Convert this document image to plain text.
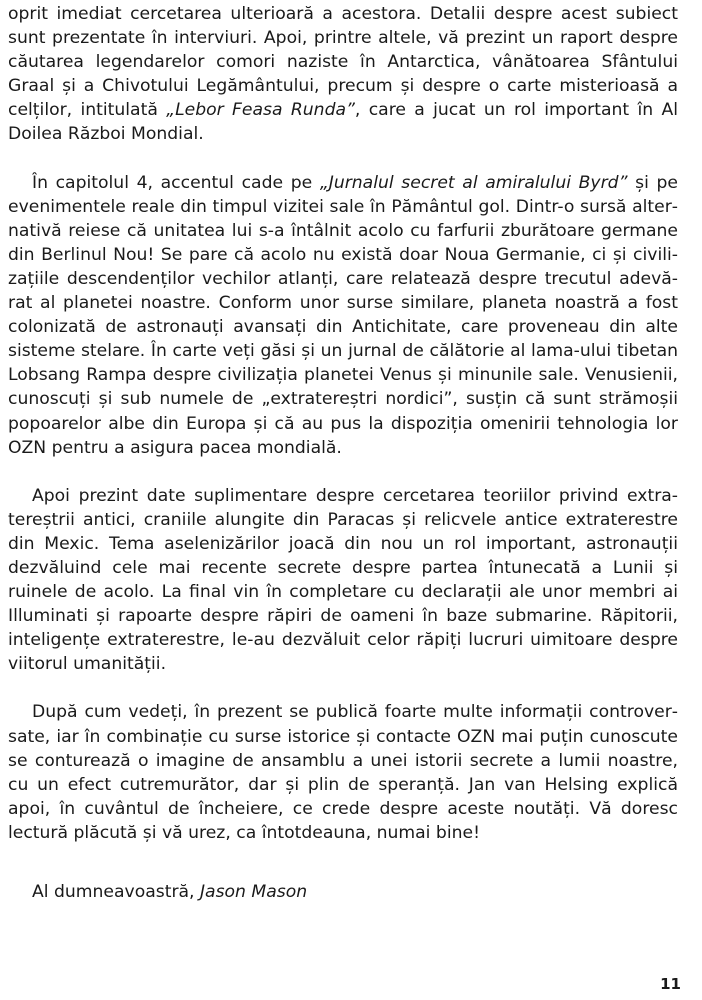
oprit imediat cercetarea ulterioară a acestora. Detalii despre acest subiect sunt prezentate în interviuri. Apoi, printre altele, vă prezint un raport despre căutarea legendarelor comori naziste în Antarctica, vânătoarea Sfântului Graal și a Chivotului Legământului, precum și despre o carte misterioasă a celților, intitulată „Lebor Feasa Runda”, care a jucat un rol important în Al Doilea Război Mondial.

În capitolul 4, accentul cade pe „Jurnalul secret al amiralului Byrd” și pe evenimentele reale din timpul vizitei sale în Pământul gol. Dintr-o sursă alternativă reiese că unitatea lui s-a întâlnit acolo cu farfurii zburătoare germane din Berlinul Nou! Se pare că acolo nu există doar Noua Germanie, ci și civilizațiile descendenților vechilor atlanți, care relatează despre trecutul adevărat al planetei noastre. Conform unor surse similare, planeta noastră a fost colonizată de astronauți avansați din Antichitate, care proveneau din alte sisteme stelare. În carte veți găsi și un jurnal de călătorie al lama-ului tibetan Lobsang Rampa despre civilizația planetei Venus și minunile sale. Venusienii, cunoscuți și sub numele de „extratereștri nordici”, susțin că sunt strămoșii popoarelor albe din Europa și că au pus la dispoziția omenirii tehnologia lor OZN pentru a asigura pacea mondială.

Apoi prezint date suplimentare despre cercetarea teoriilor privind extratereștrii antici, craniile alungite din Paracas și relicvele antice extraterestre din Mexic. Tema aselenizărilor joacă din nou un rol important, astronauții dezvăluind cele mai recente secrete despre partea întunecată a Lunii și ruinele de acolo. La final vin în completare cu declarații ale unor membri ai Illuminati și rapoarte despre răpiri de oameni în baze submarine. Răpitorii, inteligențe extraterestre, le-au dezvăluit celor răpiți lucruri uimitoare despre viitorul umanității.

După cum vedeți, în prezent se publică foarte multe informații controversate, iar în combinație cu surse istorice și contacte OZN mai puțin cunoscute se conturează o imagine de ansamblu a unei istorii secrete a lumii noastre, cu un efect cutremurător, dar și plin de speranță. Jan van Helsing explică apoi, în cuvântul de încheiere, ce crede despre aceste noutăți. Vă doresc lectură plăcută și vă urez, ca întotdeauna, numai bine!

Al dumneavoastră, Jason Mason

11
